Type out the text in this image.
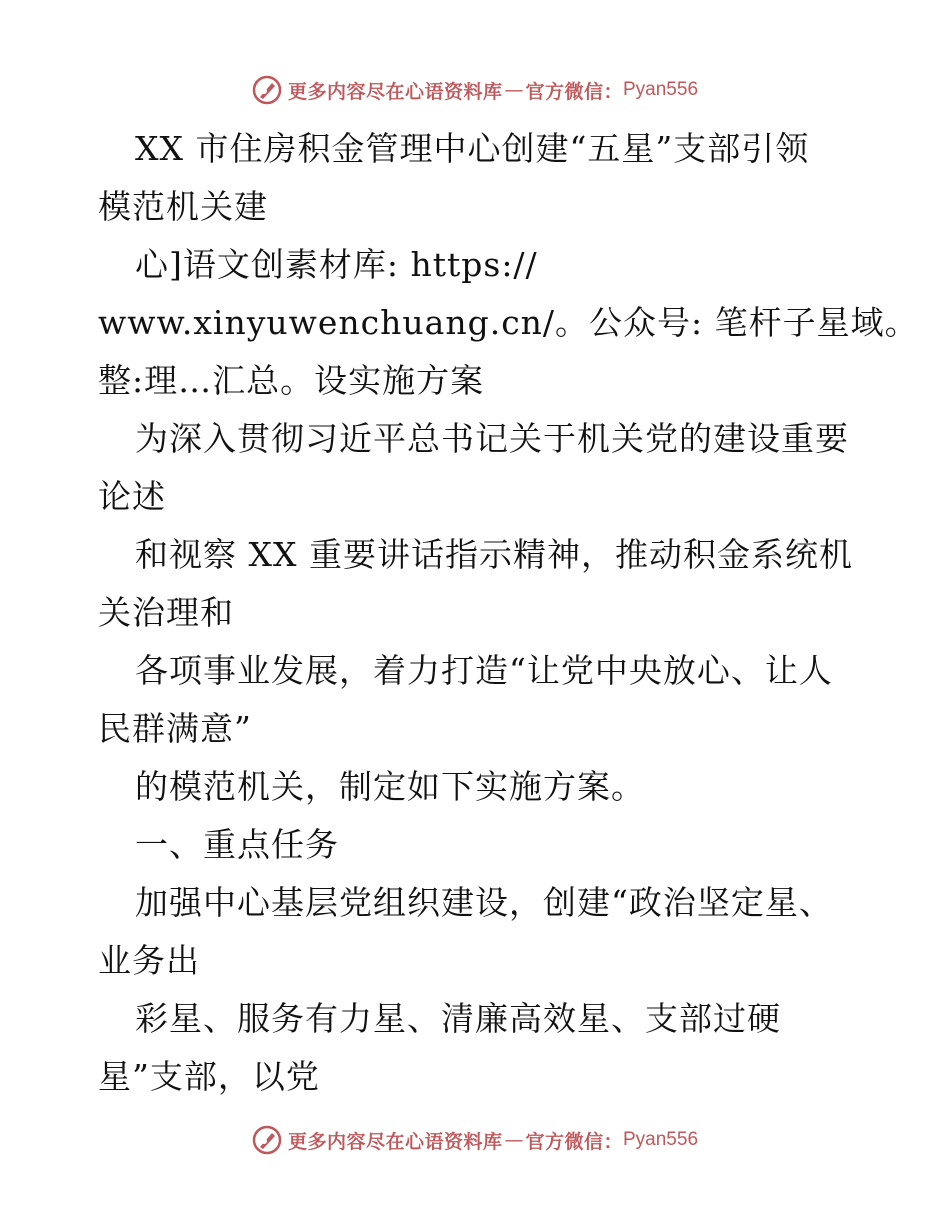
更多内容尽在心语资料库 — 官方微信： Pyan556
XX 市住房积金管理中心创建“五星”支部引领
模范机关建
心]语文创素材库: https://
www.xinyuwenchuang.cn/。公众号: 笔杆子星域。
整:理…汇总。设实施方案
为深入贯彻习近平总书记关于机关党的建设重要
论述
和视察 XX 重要讲话指示精神，推动积金系统机
关治理和
各项事业发展，着力打造“让党中央放心、让人
民群满意”
的模范机关，制定如下实施方案。
一、重点任务
加强中心基层党组织建设，创建“政治坚定星、
业务出
彩星、服务有力星、清廉高效星、支部过硬
星”支部，以党
更多内容尽在心语资料库 — 官方微信： Pyan556
